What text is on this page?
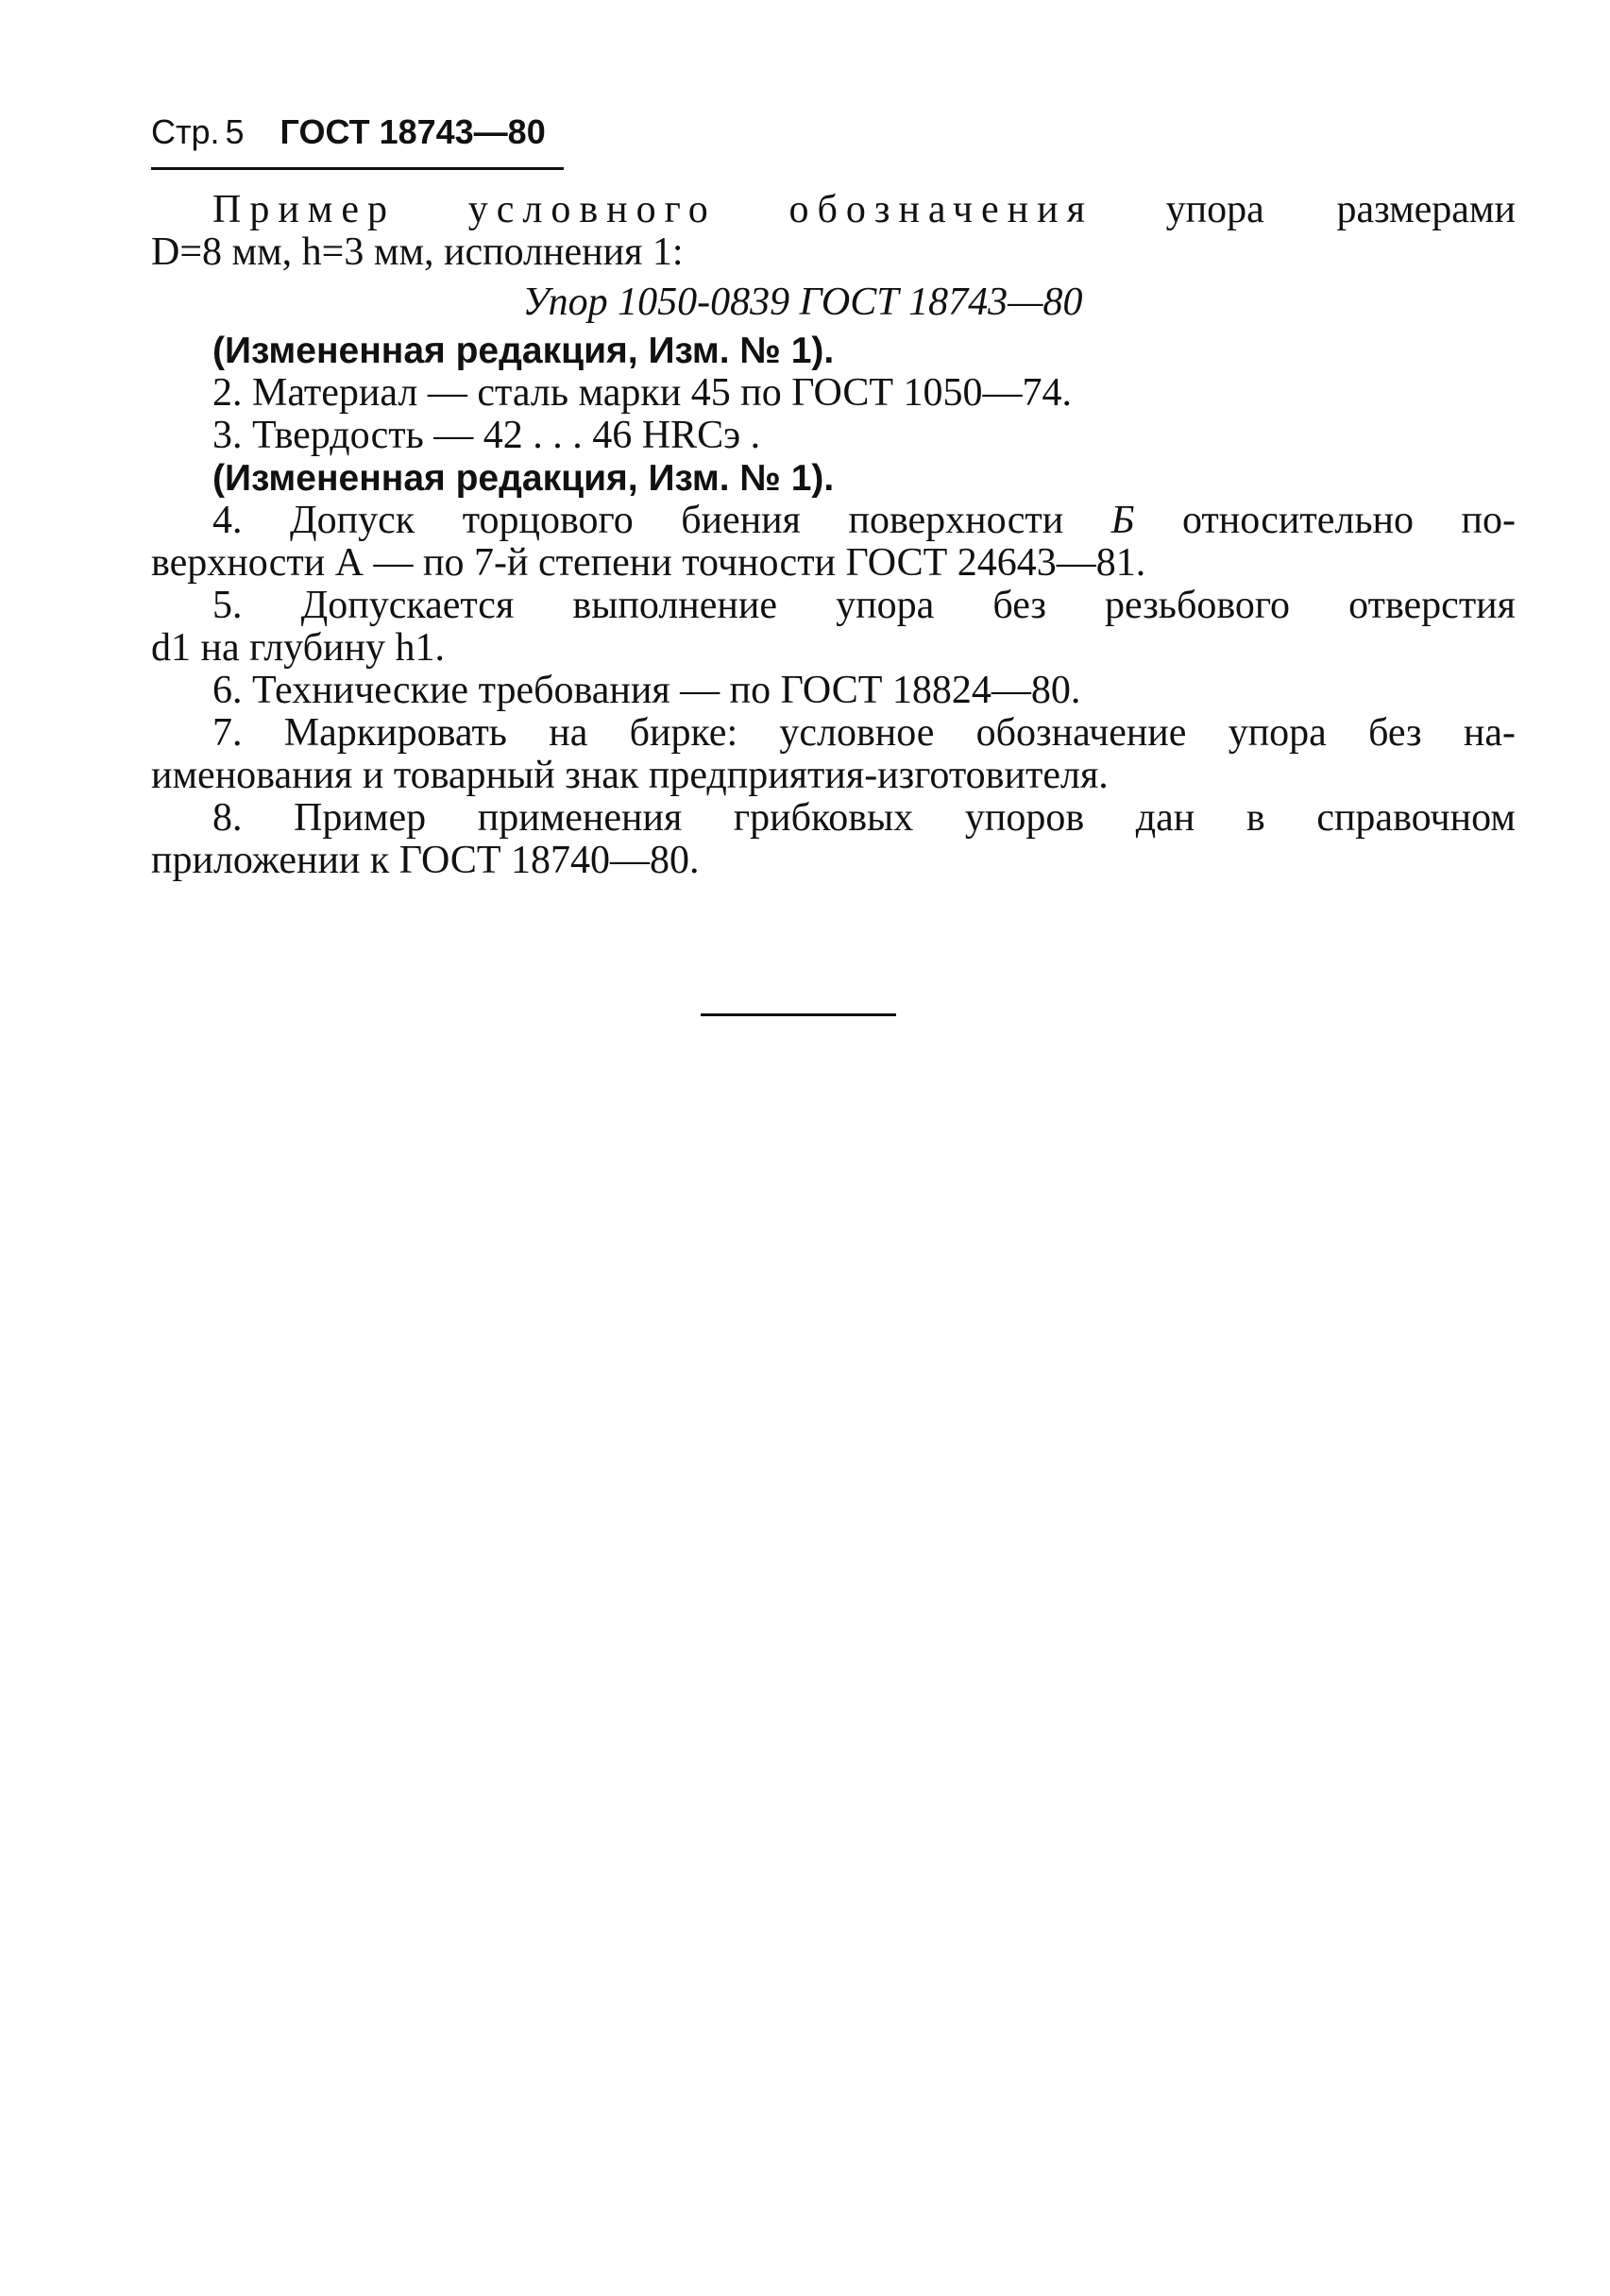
Стр. 5 ГОСТ 18743—80
Пример условного обозначения упора размерами
D=8 мм, h=3 мм, исполнения 1:
Упор 1050-0839 ГОСТ 18743—80
(Измененная редакция, Изм. № 1).
2. Материал — сталь марки 45 по ГОСТ 1050—74.
3. Твердость — 42 . . . 46 HRCэ .
(Измененная редакция, Изм. № 1).
4. Допуск торцового биения поверхности Б относительно по-
верхности А — по 7-й степени точности ГОСТ 24643—81.
5. Допускается выполнение упора без резьбового отверстия
d1 на глубину h1.
6. Технические требования — по ГОСТ 18824—80.
7. Маркировать на бирке: условное обозначение упора без на-
именования и товарный знак предприятия-изготовителя.
8. Пример применения грибковых упоров дан в справочном
приложении к ГОСТ 18740—80.
